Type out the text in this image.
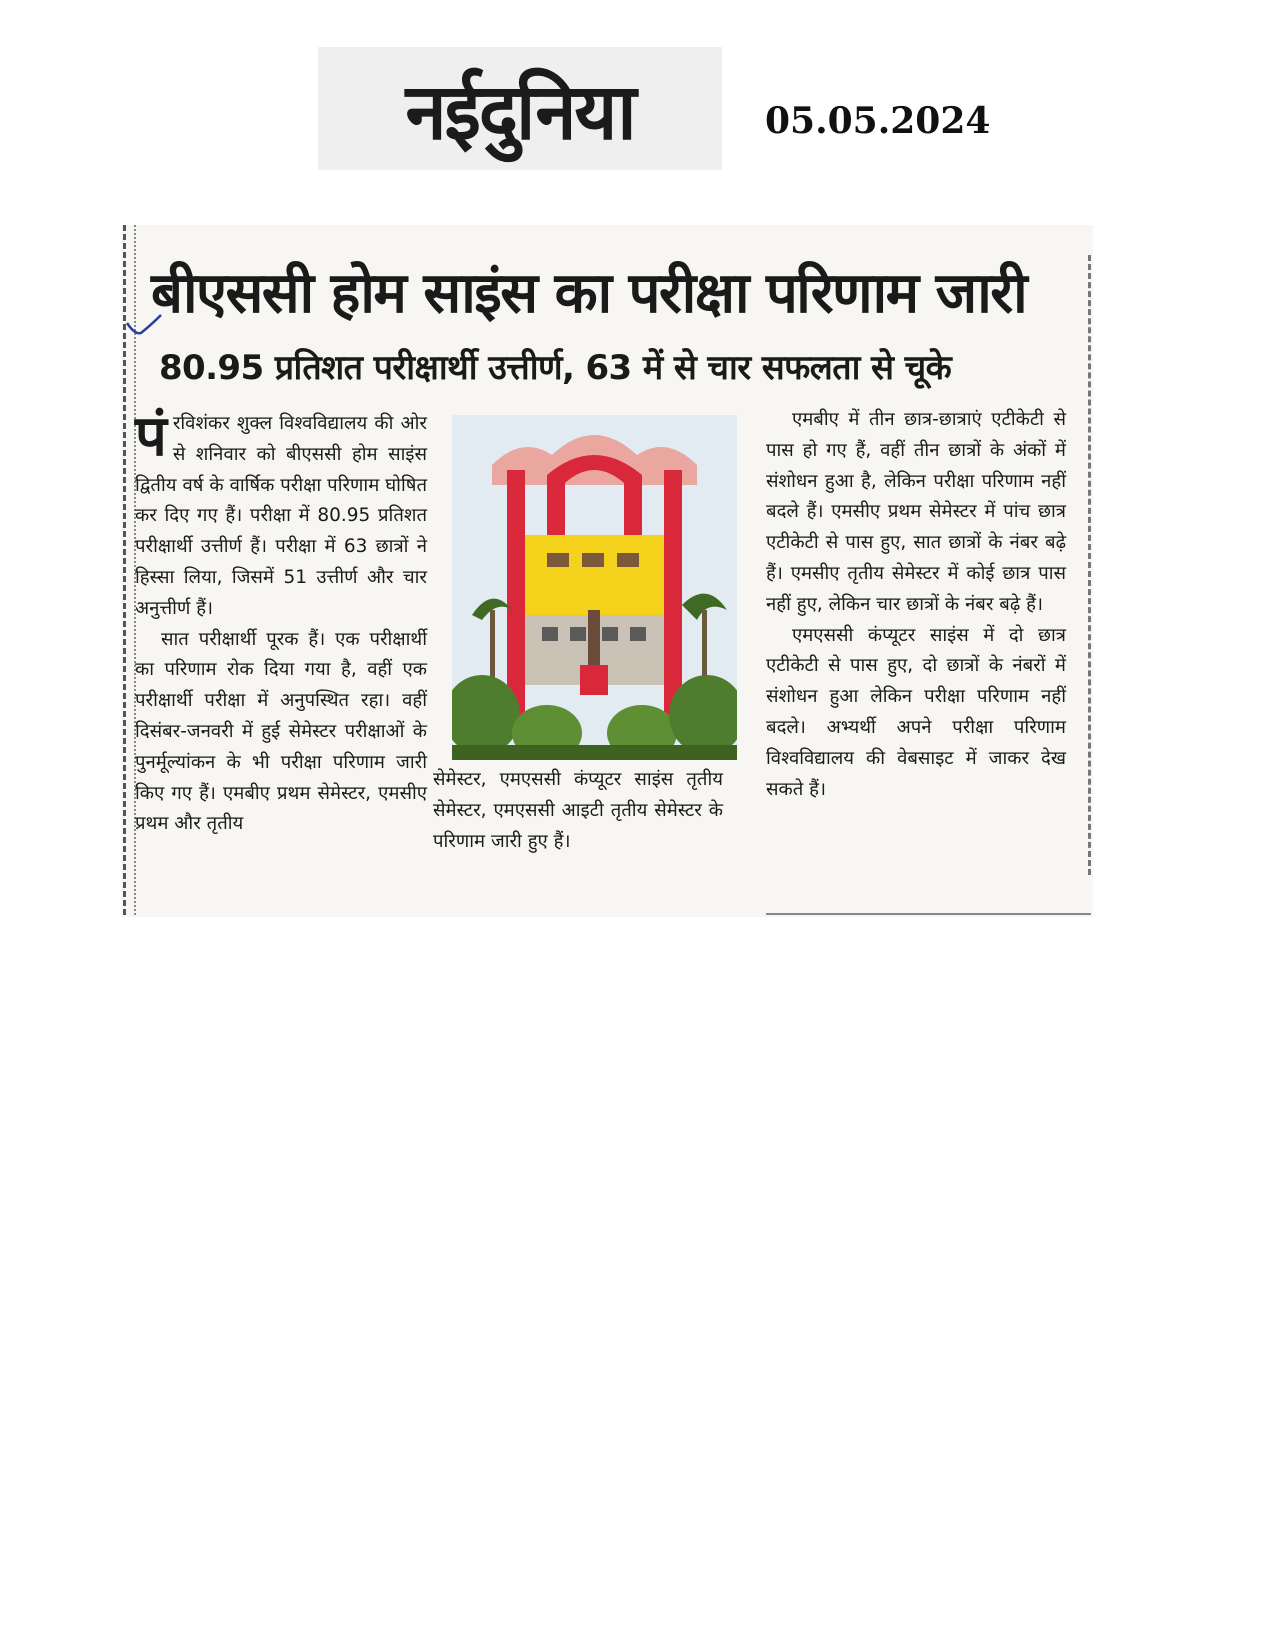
नईदुनिया	05.05.2024
बीएससी होम साइंस का परीक्षा परिणाम जारी
80.95 प्रतिशत परीक्षार्थी उत्तीर्ण, 63 में से चार सफलता से चूके

पंरविशंकर शुक्ल विश्वविद्यालय की ओर से शनिवार को बीएससी होम साइंस द्वितीय वर्ष के वार्षिक परीक्षा परिणाम घोषित कर दिए गए हैं। परीक्षा में 80.95 प्रतिशत परीक्षार्थी उत्तीर्ण हैं। परीक्षा में 63 छात्रों ने हिस्सा लिया, जिसमें 51 उत्तीर्ण और चार अनुत्तीर्ण हैं।

सात परीक्षार्थी पूरक हैं। एक परीक्षार्थी का परिणाम रोक दिया गया है, वहीं एक परीक्षार्थी परीक्षा में अनुपस्थित रहा। वहीं दिसंबर-जनवरी में हुई सेमेस्टर परीक्षाओं के पुनर्मूल्यांकन के भी परीक्षा परिणाम जारी किए गए हैं। एमबीए प्रथम सेमेस्टर, एमसीए प्रथम और तृतीय

सेमेस्टर, एमएससी कंप्यूटर साइंस तृतीय सेमेस्टर, एमएससी आइटी तृतीय सेमेस्टर के परिणाम जारी हुए हैं।

एमबीए में तीन छात्र-छात्राएं एटीकेटी से पास हो गए हैं, वहीं तीन छात्रों के अंकों में संशोधन हुआ है, लेकिन परीक्षा परिणाम नहीं बदले हैं। एमसीए प्रथम सेमेस्टर में पांच छात्र एटीकेटी से पास हुए, सात छात्रों के नंबर बढ़े हैं। एमसीए तृतीय सेमेस्टर में कोई छात्र पास नहीं हुए, लेकिन चार छात्रों के नंबर बढ़े हैं।

एमएससी कंप्यूटर साइंस में दो छात्र एटीकेटी से पास हुए, दो छात्रों के नंबरों में संशोधन हुआ लेकिन परीक्षा परिणाम नहीं बदले। अभ्यर्थी अपने परीक्षा परिणाम विश्वविद्यालय की वेबसाइट में जाकर देख सकते हैं।
